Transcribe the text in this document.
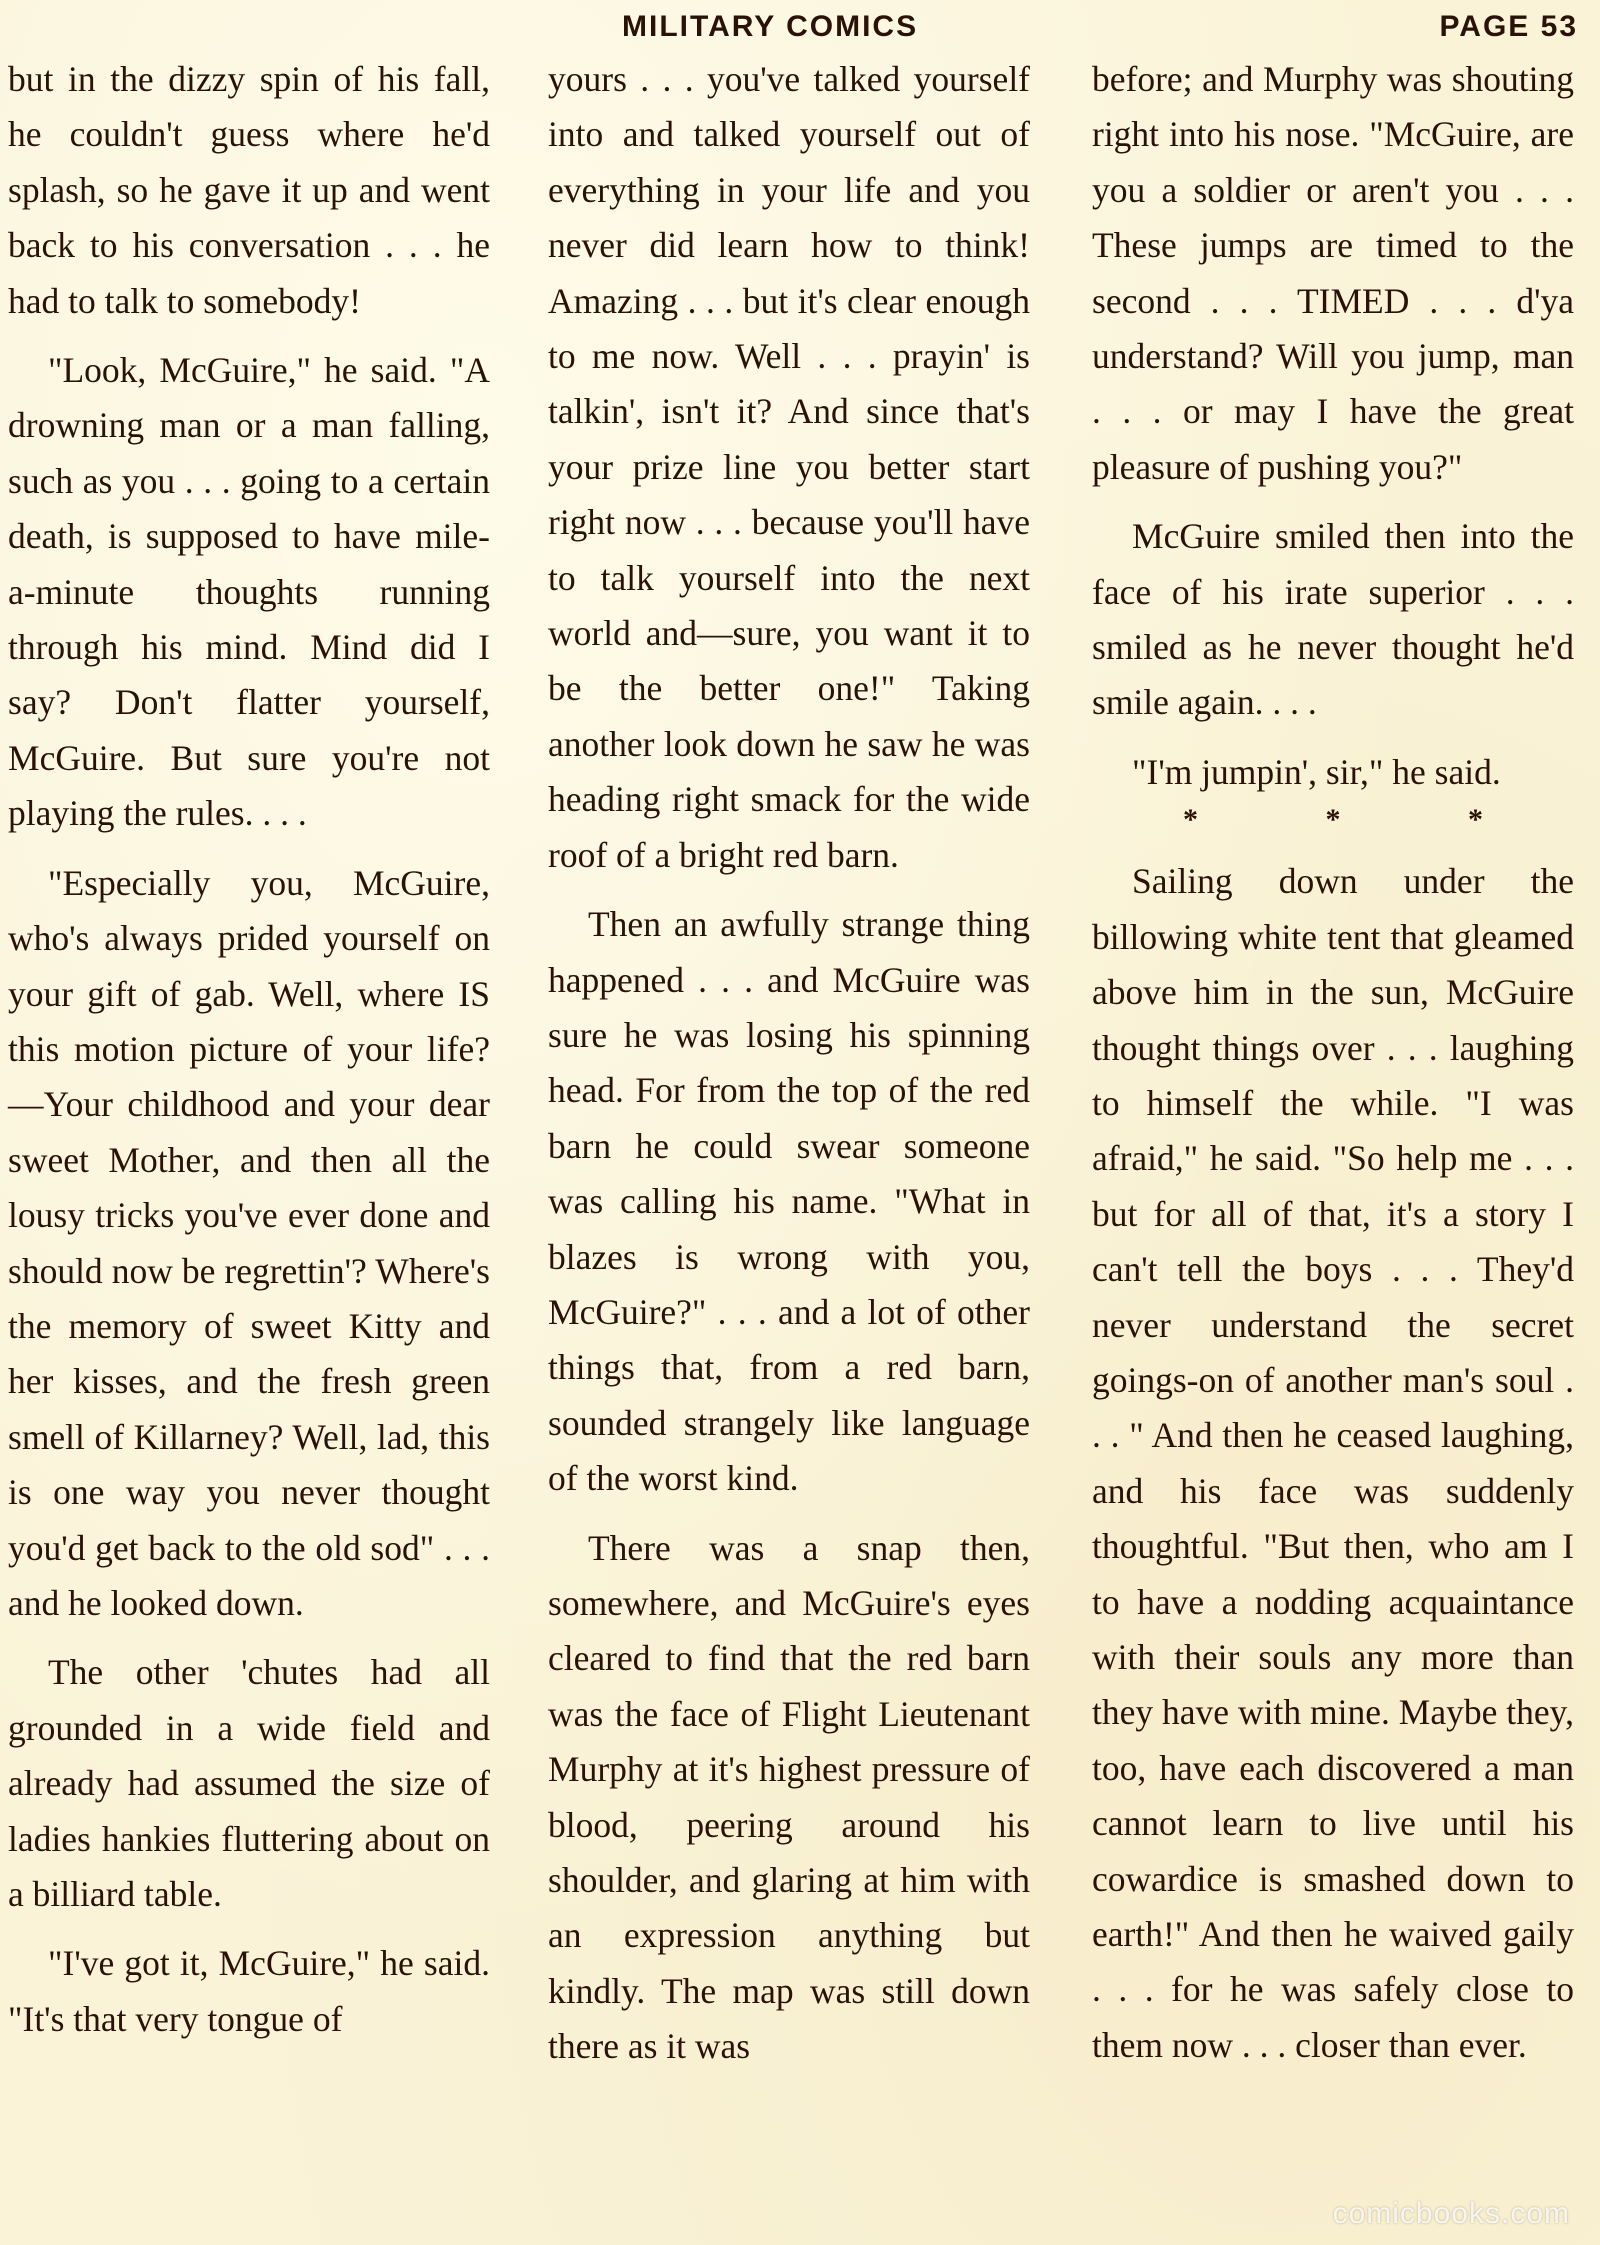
MILITARY COMICS	PAGE 53

but in the dizzy spin of his fall, he couldn't guess where he'd splash, so he gave it up and went back to his conversation . . . he had to talk to somebody!

"Look, McGuire," he said. "A drowning man or a man falling, such as you . . . going to a certain death, is supposed to have mile-a-minute thoughts running through his mind. Mind did I say? Don't flatter yourself, McGuire. But sure you're not playing the rules. . . .

"Especially you, McGuire, who's always prided yourself on your gift of gab. Well, where IS this motion picture of your life?—Your childhood and your dear sweet Mother, and then all the lousy tricks you've ever done and should now be regrettin'? Where's the memory of sweet Kitty and her kisses, and the fresh green smell of Killarney? Well, lad, this is one way you never thought you'd get back to the old sod" . . . and he looked down.

The other 'chutes had all grounded in a wide field and already had assumed the size of ladies hankies fluttering about on a billiard table.

"I've got it, McGuire," he said. "It's that very tongue of

yours . . . you've talked yourself into and talked yourself out of everything in your life and you never did learn how to think! Amazing . . . but it's clear enough to me now. Well . . . prayin' is talkin', isn't it? And since that's your prize line you better start right now . . . because you'll have to talk yourself into the next world and—sure, you want it to be the better one!" Taking another look down he saw he was heading right smack for the wide roof of a bright red barn.

Then an awfully strange thing happened . . . and McGuire was sure he was losing his spinning head. For from the top of the red barn he could swear someone was calling his name. "What in blazes is wrong with you, McGuire?" . . . and a lot of other things that, from a red barn, sounded strangely like language of the worst kind.

There was a snap then, somewhere, and McGuire's eyes cleared to find that the red barn was the face of Flight Lieutenant Murphy at it's highest pressure of blood, peering around his shoulder, and glaring at him with an expression anything but kindly. The map was still down there as it was

before; and Murphy was shouting right into his nose. "McGuire, are you a soldier or aren't you . . . These jumps are timed to the second . . . TIMED . . . d'ya understand? Will you jump, man . . . or may I have the great pleasure of pushing you?"

McGuire smiled then into the face of his irate superior . . . smiled as he never thought he'd smile again. . . .

"I'm jumpin', sir," he said.

* * *

Sailing down under the billowing white tent that gleamed above him in the sun, McGuire thought things over . . . laughing to himself the while. "I was afraid," he said. "So help me . . . but for all of that, it's a story I can't tell the boys . . . They'd never understand the secret goings-on of another man's soul . . . " And then he ceased laughing, and his face was suddenly thoughtful. "But then, who am I to have a nodding acquaintance with their souls any more than they have with mine. Maybe they, too, have each discovered a man cannot learn to live until his cowardice is smashed down to earth!" And then he waived gaily . . . for he was safely close to them now . . . closer than ever.

comicbooks.com
